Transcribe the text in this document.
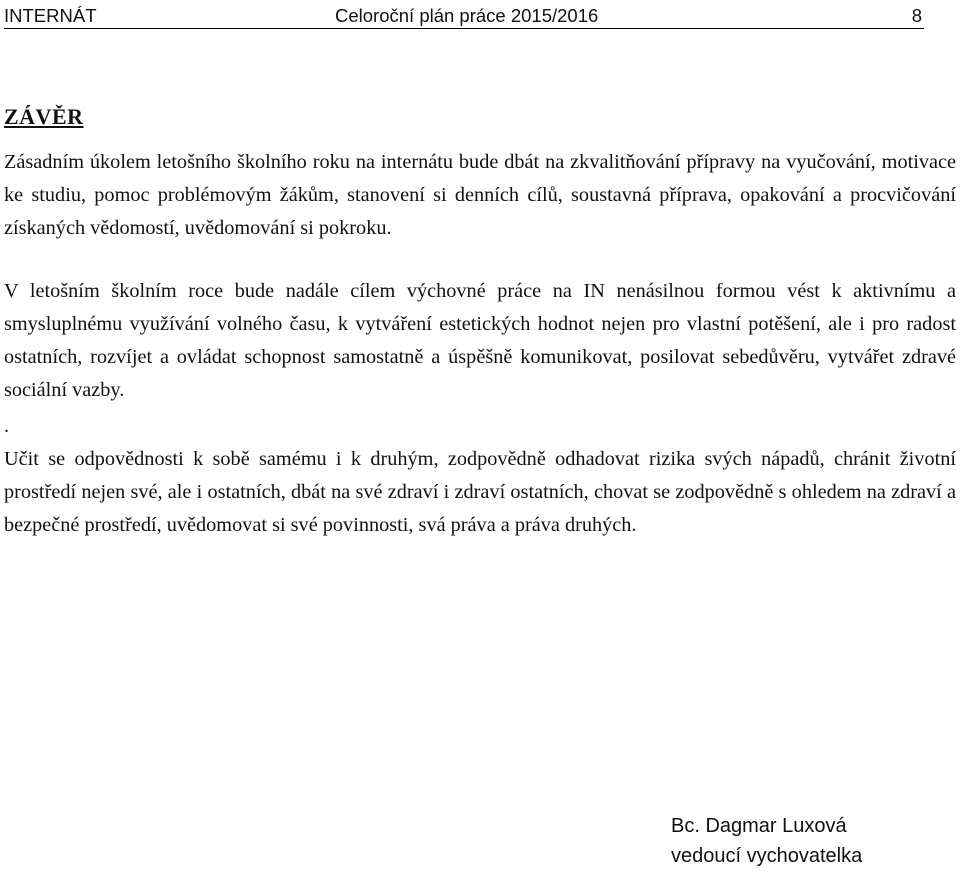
INTERNÁT	Celoroční plán práce 2015/2016	8
ZÁVĚR

Zásadním úkolem letošního školního roku na internátu bude dbát na zkvalitňování přípravy na vyučování, motivace ke studiu, pomoc problémovým žákům, stanovení si denních cílů, soustavná příprava, opakování a procvičování získaných vědomostí, uvědomování si pokroku.

V letošním školním roce bude nadále cílem výchovné práce na IN nenásilnou formou vést k aktivnímu a smysluplnému využívání volného času, k vytváření estetických hodnot nejen pro vlastní potěšení, ale i pro radost ostatních, rozvíjet a ovládat schopnost samostatně a úspěšně komunikovat, posilovat sebedůvěru, vytvářet zdravé sociální vazby.

.

Učit se odpovědnosti k sobě samému i k druhým, zodpovědně odhadovat rizika svých nápadů, chránit životní prostředí nejen své, ale i ostatních, dbát na své zdraví i zdraví ostatních, chovat se zodpovědně s ohledem na zdraví a bezpečné prostředí, uvědomovat si své povinnosti, svá práva a práva druhých.

Bc. Dagmar Luxová
vedoucí vychovatelka
